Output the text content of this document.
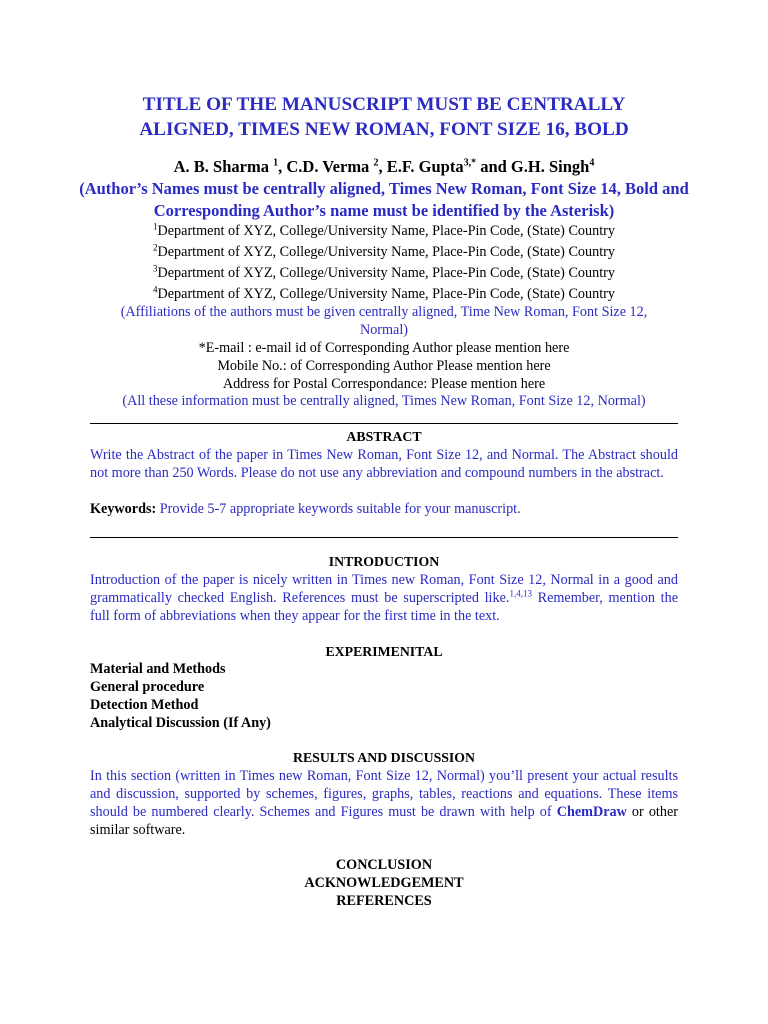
TITLE OF THE MANUSCRIPT MUST BE CENTRALLY
ALIGNED, TIMES NEW ROMAN, FONT SIZE 16, BOLD
A. B. Sharma $^1$, C.D. Verma $^2$, E.F. Gupta$^{3,*}$ and G.H. Singh$^4$
(Author’s Names must be centrally aligned, Times New Roman, Font Size 14, Bold and Corresponding Author’s name must be identified by the Asterisk)
$^1$Department of XYZ, College/University Name, Place-Pin Code, (State) Country
$^2$Department of XYZ, College/University Name, Place-Pin Code, (State) Country
$^3$Department of XYZ, College/University Name, Place-Pin Code, (State) Country
$^4$Department of XYZ, College/University Name, Place-Pin Code, (State) Country
(Affiliations of the authors must be given centrally aligned, Time New Roman, Font Size 12, Normal)
*E-mail : e-mail id of Corresponding Author please mention here
Mobile No.: of Corresponding Author Please mention here
Address for Postal Correspondance: Please mention here
(All these information must be centrally aligned, Times New Roman, Font Size 12, Normal)
ABSTRACT
Write the Abstract of the paper in Times New Roman, Font Size 12, and Normal. The Abstract should not more than 250 Words. Please do not use any abbreviation and compound numbers in the abstract.
Keywords: Provide 5-7 appropriate keywords suitable for your manuscript.
INTRODUCTION
Introduction of the paper is nicely written in Times new Roman, Font Size 12, Normal in a good and grammatically checked English. References must be superscripted like.$^{1,4,13}$ Remember, mention the full form of abbreviations when they appear for the first time in the text.
EXPERIMENITAL
Material and Methods
General procedure
Detection Method
Analytical Discussion (If Any)
RESULTS AND DISCUSSION
In this section (written in Times new Roman, Font Size 12, Normal) you’ll present your actual results and discussion, supported by schemes, figures, graphs, tables, reactions and equations. These items should be numbered clearly. Schemes and Figures must be drawn with help of ChemDraw or other similar software.
CONCLUSION
ACKNOWLEDGEMENT
REFERENCES
